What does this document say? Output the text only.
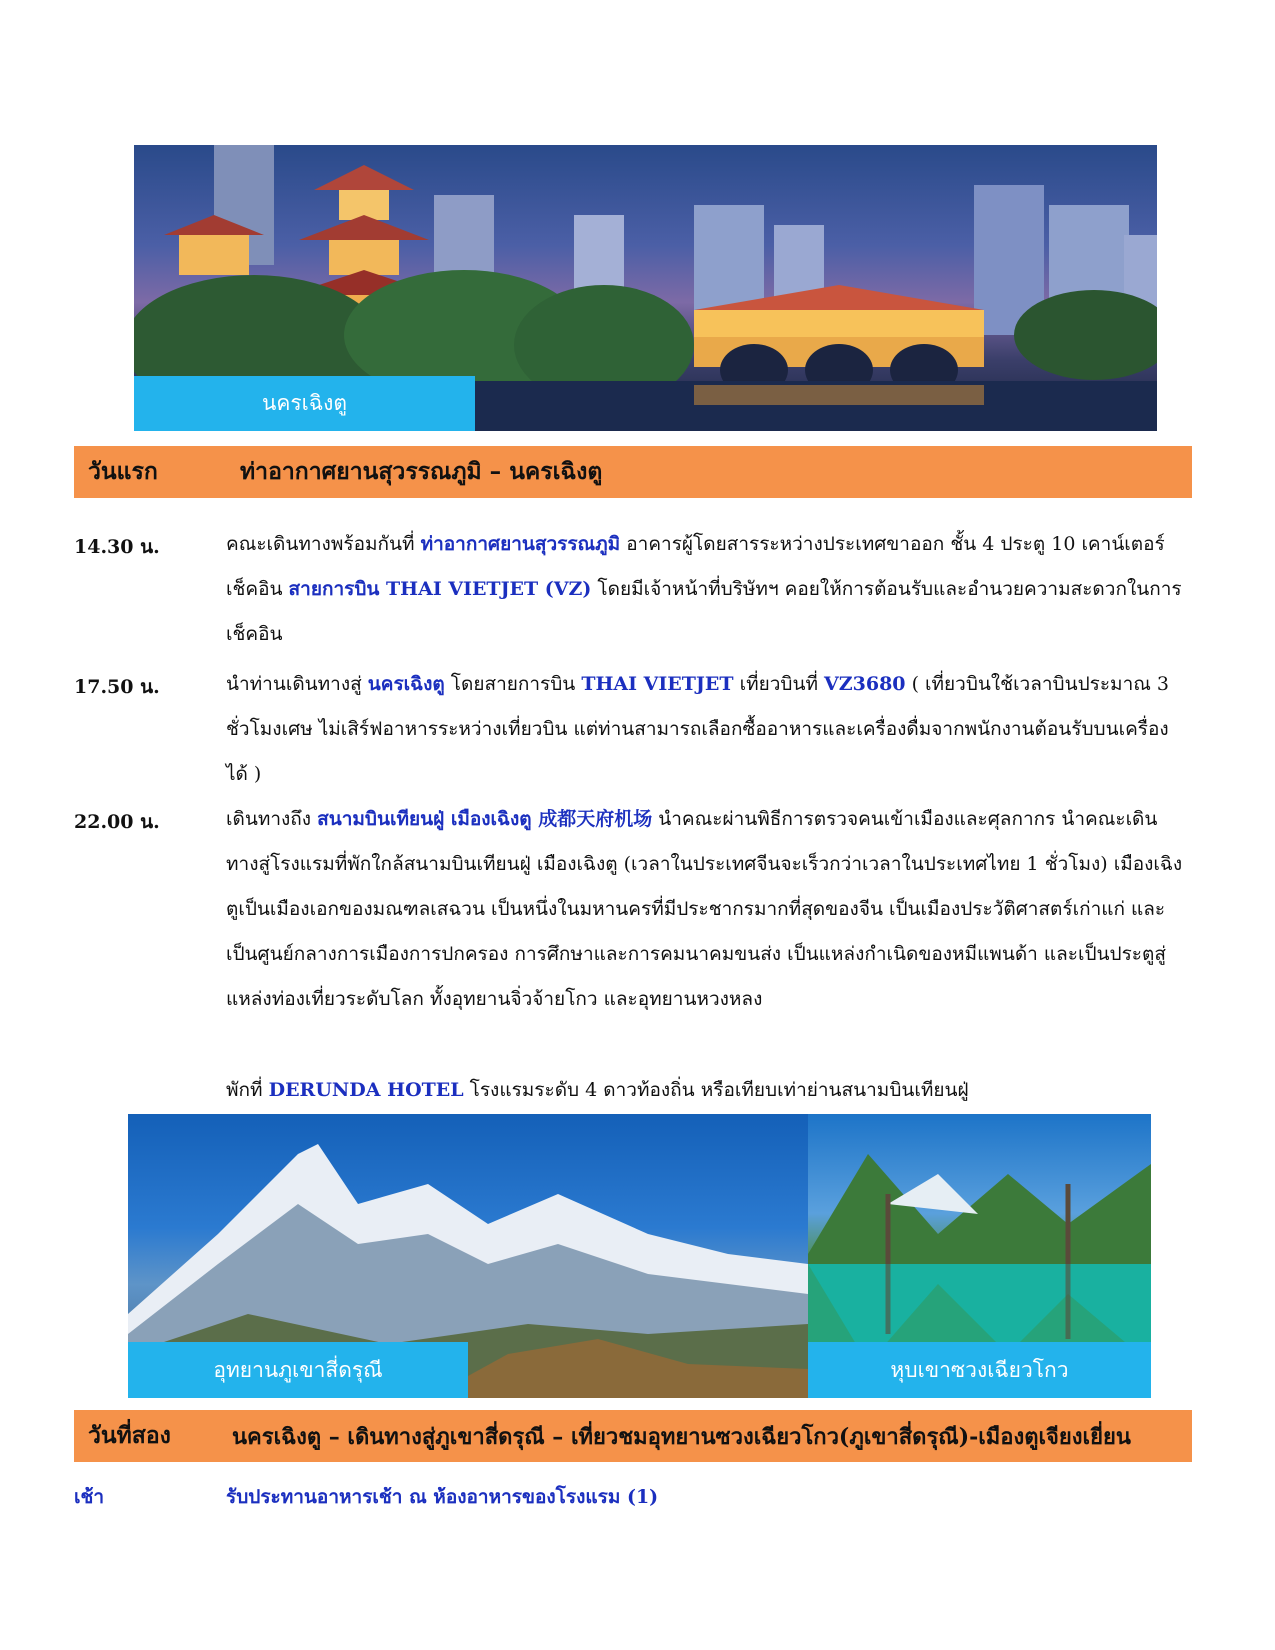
นครเฉิงตู
วันแรก	ท่าอากาศยานสุวรรณภูมิ – นครเฉิงตู
14.30 น.	คณะเดินทางพร้อมกันที่ ท่าอากาศยานสุวรรณภูมิ อาคารผู้โดยสารระหว่างประเทศขาออก ชั้น 4 ประตู 10 เคาน์เตอร์เช็คอิน สายการบิน THAI VIETJET (VZ) โดยมีเจ้าหน้าที่บริษัทฯ คอยให้การต้อนรับและอำนวยความสะดวกในการเช็คอิน
17.50 น.	นำท่านเดินทางสู่ นครเฉิงตู โดยสายการบิน THAI VIETJET เที่ยวบินที่ VZ3680 ( เที่ยวบินใช้เวลาบินประมาณ 3 ชั่วโมงเศษ ไม่เสิร์ฟอาหารระหว่างเที่ยวบิน แต่ท่านสามารถเลือกซื้ออาหารและเครื่องดื่มจากพนักงานต้อนรับบนเครื่องได้ )
22.00 น.	เดินทางถึง สนามบินเทียนฝู่ เมืองเฉิงตู 成都天府机场 นำคณะผ่านพิธีการตรวจคนเข้าเมืองและศุลกากร นำคณะเดินทางสู่โรงแรมที่พักใกล้สนามบินเทียนฝู่ เมืองเฉิงตู (เวลาในประเทศจีนจะเร็วกว่าเวลาในประเทศไทย 1 ชั่วโมง) เมืองเฉิงตูเป็นเมืองเอกของมณฑลเสฉวน เป็นหนึ่งในมหานครที่มีประชากรมากที่สุดของจีน เป็นเมืองประวัติศาสตร์เก่าแก่ และเป็นศูนย์กลางการเมืองการปกครอง การศึกษาและการคมนาคมขนส่ง เป็นแหล่งกำเนิดของหมีแพนด้า และเป็นประตูสู่แหล่งท่องเที่ยวระดับโลก ทั้งอุทยานจิ่วจ้ายโกว และอุทยานหวงหลง
พักที่ DERUNDA HOTEL โรงแรมระดับ 4 ดาวท้องถิ่น หรือเทียบเท่าย่านสนามบินเทียนฝู่
อุทยานภูเขาสี่ดรุณี	หุบเขาซวงเฉียวโกว
วันที่สอง	นครเฉิงตู – เดินทางสู่ภูเขาสี่ดรุณี – เที่ยวชมอุทยานซวงเฉียวโกว(ภูเขาสี่ดรุณี)-เมืองตูเจียงเยี่ยน
เช้า	รับประทานอาหารเช้า ณ ห้องอาหารของโรงแรม (1)
